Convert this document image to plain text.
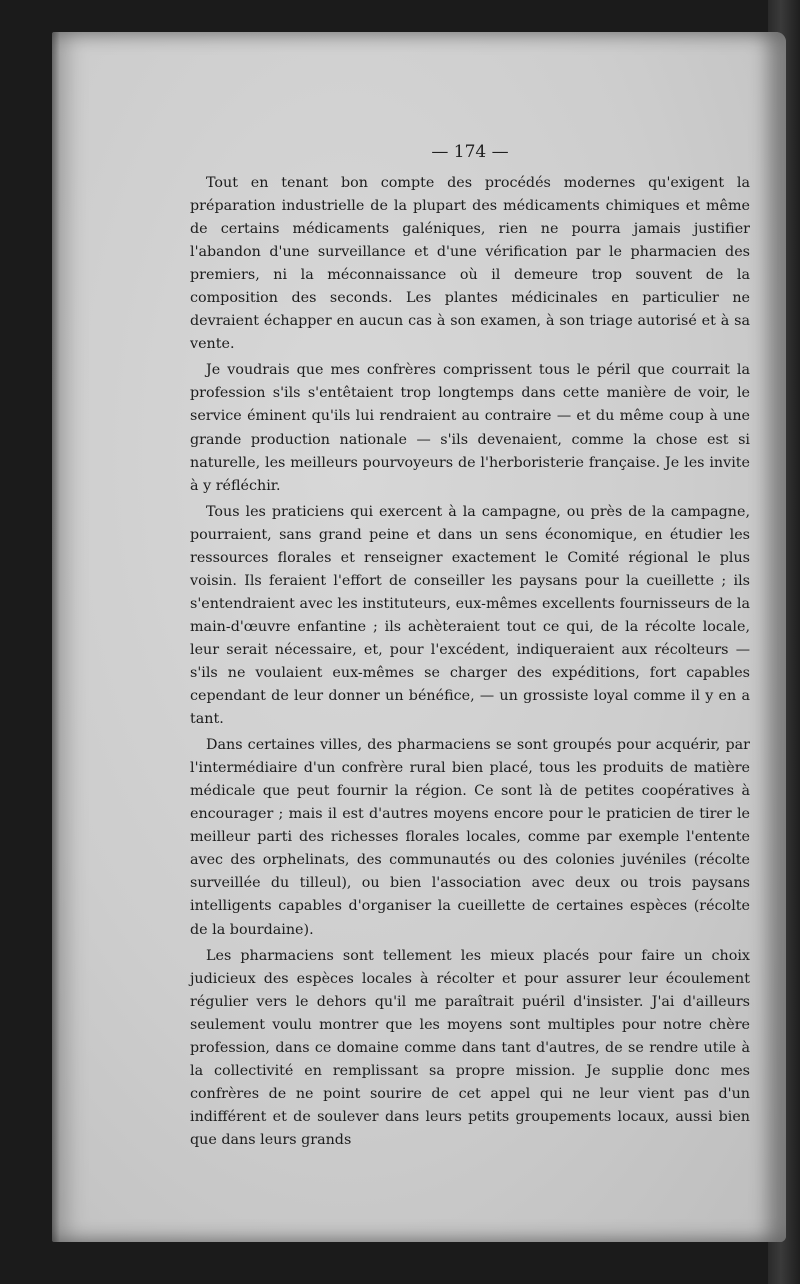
— 174 —

Tout en tenant bon compte des procédés modernes qu'exigent la préparation industrielle de la plupart des médicaments chimiques et même de certains médicaments galéniques, rien ne pourra jamais justifier l'abandon d'une surveillance et d'une vérification par le pharmacien des premiers, ni la méconnaissance où il demeure trop souvent de la composition des seconds. Les plantes médicinales en particulier ne devraient échapper en aucun cas à son examen, à son triage autorisé et à sa vente.

Je voudrais que mes confrères comprissent tous le péril que courrait la profession s'ils s'entêtaient trop longtemps dans cette manière de voir, le service éminent qu'ils lui rendraient au contraire — et du même coup à une grande production nationale — s'ils devenaient, comme la chose est si naturelle, les meilleurs pourvoyeurs de l'herboristerie française. Je les invite à y réfléchir.

Tous les praticiens qui exercent à la campagne, ou près de la campagne, pourraient, sans grand peine et dans un sens économique, en étudier les ressources florales et renseigner exactement le Comité régional le plus voisin. Ils feraient l'effort de conseiller les paysans pour la cueillette ; ils s'entendraient avec les instituteurs, eux-mêmes excellents fournisseurs de la main-d'œuvre enfantine ; ils achèteraient tout ce qui, de la récolte locale, leur serait nécessaire, et, pour l'excédent, indiqueraient aux récolteurs — s'ils ne voulaient eux-mêmes se charger des expéditions, fort capables cependant de leur donner un bénéfice, — un grossiste loyal comme il y en a tant.

Dans certaines villes, des pharmaciens se sont groupés pour acquérir, par l'intermédiaire d'un confrère rural bien placé, tous les produits de matière médicale que peut fournir la région. Ce sont là de petites coopératives à encourager ; mais il est d'autres moyens encore pour le praticien de tirer le meilleur parti des richesses florales locales, comme par exemple l'entente avec des orphelinats, des communautés ou des colonies juvéniles (récolte surveillée du tilleul), ou bien l'association avec deux ou trois paysans intelligents capables d'organiser la cueillette de certaines espèces (récolte de la bourdaine).

Les pharmaciens sont tellement les mieux placés pour faire un choix judicieux des espèces locales à récolter et pour assurer leur écoulement régulier vers le dehors qu'il me paraîtrait puéril d'insister. J'ai d'ailleurs seulement voulu montrer que les moyens sont multiples pour notre chère profession, dans ce domaine comme dans tant d'autres, de se rendre utile à la collectivité en remplissant sa propre mission. Je supplie donc mes confrères de ne point sourire de cet appel qui ne leur vient pas d'un indifférent et de soulever dans leurs petits groupements locaux, aussi bien que dans leurs grands
